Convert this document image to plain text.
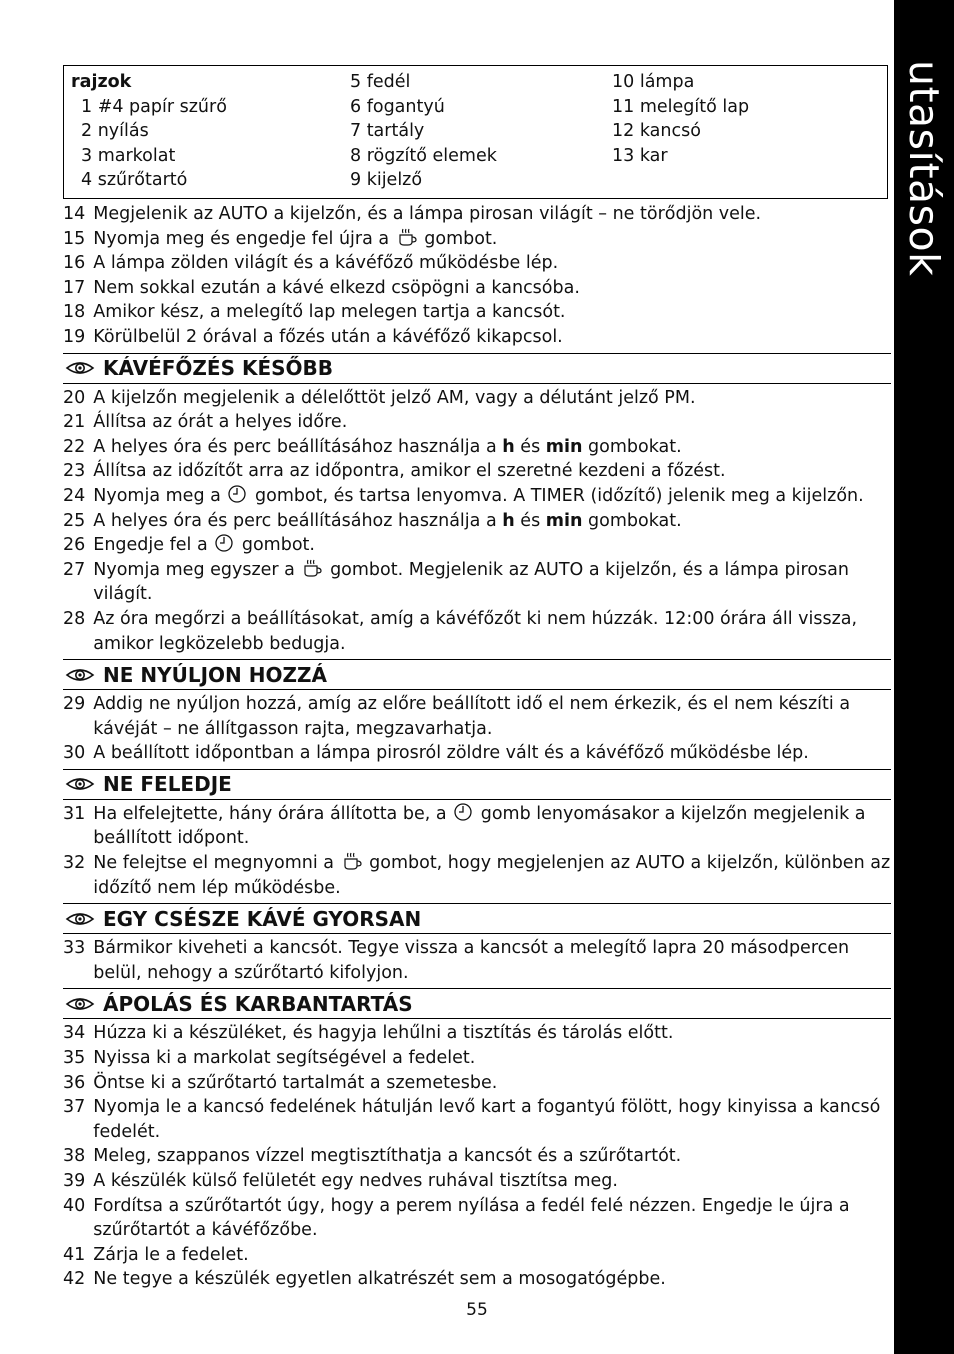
utasítások
rajzok
1 #4 papír szűrő
2 nyílás
3 markolat
4 szűrőtartó
5 fedél
6 fogantyú
7 tartály
8 rögzítő elemek
9 kijelző
10 lámpa
11 melegítő lap
12 kancsó
13 kar
14 Megjelenik az AUTO a kijelzőn, és a lámpa pirosan világít – ne törődjön vele.
15 Nyomja meg és engedje fel újra a gombot.
16 A lámpa zölden világít és a kávéfőző működésbe lép.
17 Nem sokkal ezután a kávé elkezd csöpögni a kancsóba.
18 Amikor kész, a melegítő lap melegen tartja a kancsót.
19 Körülbelül 2 órával a főzés után a kávéfőző kikapcsol.
KÁVÉFŐZÉS KÉSŐBB
20 A kijelzőn megjelenik a délelőttöt jelző AM, vagy a délutánt jelző PM.
21 Állítsa az órát a helyes időre.
22 A helyes óra és perc beállításához használja a h és min gombokat.
23 Állítsa az időzítőt arra az időpontra, amikor el szeretné kezdeni a főzést.
24 Nyomja meg a gombot, és tartsa lenyomva. A TIMER (időzítő) jelenik meg a kijelzőn.
25 A helyes óra és perc beállításához használja a h és min gombokat.
26 Engedje fel a gombot.
27 Nyomja meg egyszer a gombot. Megjelenik az AUTO a kijelzőn, és a lámpa pirosan világít.
28 Az óra megőrzi a beállításokat, amíg a kávéfőzőt ki nem húzzák. 12:00 órára áll vissza, amikor legközelebb bedugja.
NE NYÚLJON HOZZÁ
29 Addig ne nyúljon hozzá, amíg az előre beállított idő el nem érkezik, és el nem készíti a kávéját – ne állítgasson rajta, megzavarhatja.
30 A beállított időpontban a lámpa pirosról zöldre vált és a kávéfőző működésbe lép.
NE FELEDJE
31 Ha elfelejtette, hány órára állította be, a gomb lenyomásakor a kijelzőn megjelenik a beállított időpont.
32 Ne felejtse el megnyomni a gombot, hogy megjelenjen az AUTO a kijelzőn, különben az időzítő nem lép működésbe.
EGY CSÉSZE KÁVÉ GYORSAN
33 Bármikor kiveheti a kancsót. Tegye vissza a kancsót a melegítő lapra 20 másodpercen belül, nehogy a szűrőtartó kifolyjon.
ÁPOLÁS ÉS KARBANTARTÁS
34 Húzza ki a készüléket, és hagyja lehűlni a tisztítás és tárolás előtt.
35 Nyissa ki a markolat segítségével a fedelet.
36 Öntse ki a szűrőtartó tartalmát a szemetesbe.
37 Nyomja le a kancsó fedelének hátulján levő kart a fogantyú fölött, hogy kinyissa a kancsó fedelét.
38 Meleg, szappanos vízzel megtisztíthatja a kancsót és a szűrőtartót.
39 A készülék külső felületét egy nedves ruhával tisztítsa meg.
40 Fordítsa a szűrőtartót úgy, hogy a perem nyílása a fedél felé nézzen. Engedje le újra a szűrőtartót a kávéfőzőbe.
41 Zárja le a fedelet.
42 Ne tegye a készülék egyetlen alkatrészét sem a mosogatógépbe.
55
